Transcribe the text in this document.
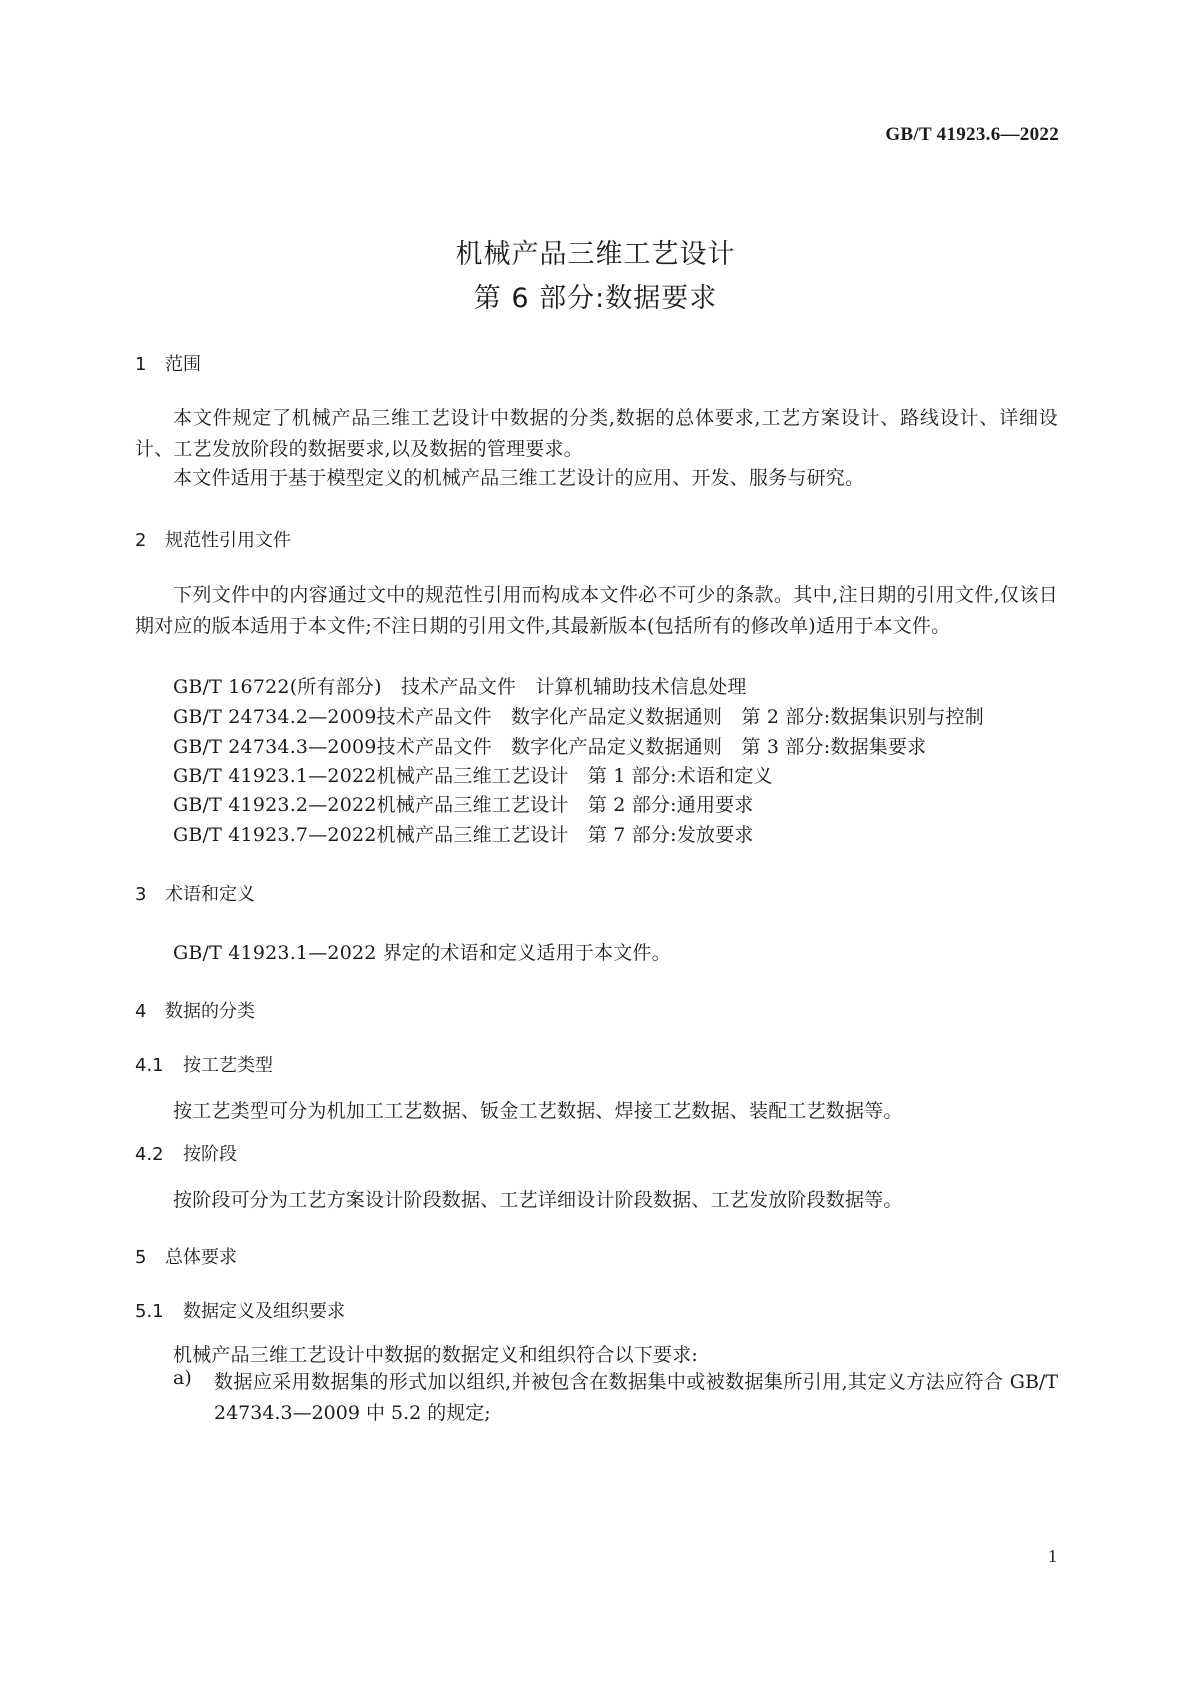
GB/T 41923.6—2022
机械产品三维工艺设计
第 6 部分:数据要求
1 范围
本文件规定了机械产品三维工艺设计中数据的分类,数据的总体要求,工艺方案设计、路线设计、详细设计、工艺发放阶段的数据要求,以及数据的管理要求。
本文件适用于基于模型定义的机械产品三维工艺设计的应用、开发、服务与研究。
2 规范性引用文件
下列文件中的内容通过文中的规范性引用而构成本文件必不可少的条款。其中,注日期的引用文件,仅该日期对应的版本适用于本文件;不注日期的引用文件,其最新版本(包括所有的修改单)适用于本文件。
GB/T 16722(所有部分)　 技术产品文件　计算机辅助技术信息处理
GB/T 24734.2—2009技术产品文件　数字化产品定义数据通则　第 2 部分:数据集识别与控制
GB/T 24734.3—2009技术产品文件　数字化产品定义数据通则　第 3 部分:数据集要求
GB/T 41923.1—2022机械产品三维工艺设计　第 1 部分:术语和定义
GB/T 41923.2—2022机械产品三维工艺设计　第 2 部分:通用要求
GB/T 41923.7—2022机械产品三维工艺设计　第 7 部分:发放要求
3 术语和定义
GB/T 41923.1—2022 界定的术语和定义适用于本文件。
4 数据的分类
4.1 按工艺类型
按工艺类型可分为机加工工艺数据、钣金工艺数据、焊接工艺数据、装配工艺数据等。
4.2 按阶段
按阶段可分为工艺方案设计阶段数据、工艺详细设计阶段数据、工艺发放阶段数据等。
5 总体要求
5.1 数据定义及组织要求
机械产品三维工艺设计中数据的数据定义和组织符合以下要求:
a) 数据应采用数据集的形式加以组织,并被包含在数据集中或被数据集所引用,其定义方法应符合 GB/T 24734.3—2009 中 5.2 的规定;
1
